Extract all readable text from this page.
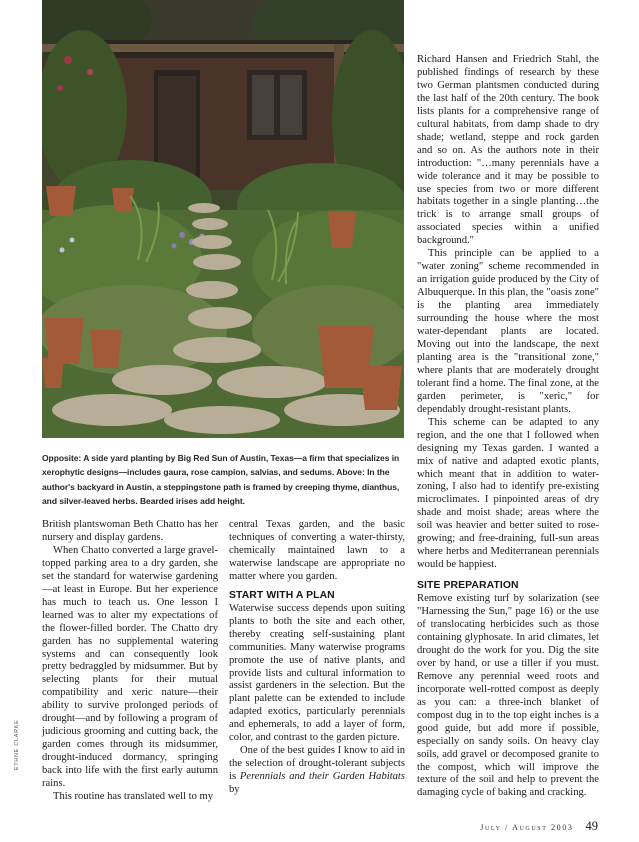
Opposite: A side yard planting by Big Red Sun of Austin, Texas—a firm that specializes in xerophytic designs—includes gaura, rose campion, salvias, and sedums. Above: In the author's backyard in Austin, a steppingstone path is framed by creeping thyme, dianthus, and silver-leaved herbs. Bearded irises add height.
ETHNE CLARKE

British plantswoman Beth Chatto has her nursery and display gardens.

When Chatto converted a large gravel-topped parking area to a dry garden, she set the standard for waterwise gardening—at least in Europe. But her experience has much to teach us. One lesson I learned was to alter my expectations of the flower-filled border. The Chatto dry garden has no supplemental watering systems and can consequently look pretty bedraggled by midsummer. But by selecting plants for their mutual compatibility and xeric nature—their ability to survive prolonged periods of drought—and by following a program of judicious grooming and cutting back, the garden comes through its midsummer, drought-induced dormancy, springing back into life with the first early autumn rains.

This routine has translated well to my

central Texas garden, and the basic techniques of converting a water-thirsty, chemically maintained lawn to a waterwise landscape are appropriate no matter where you garden.

START WITH A PLAN

Waterwise success depends upon suiting plants to both the site and each other, thereby creating self-sustaining plant communities. Many waterwise programs promote the use of native plants, and provide lists and cultural information to assist gardeners in the selection. But the plant palette can be extended to include adapted exotics, particularly perennials and ephemerals, to add a layer of form, color, and contrast to the garden picture.

One of the best guides I know to aid in the selection of drought-tolerant subjects is Perennials and their Garden Habitats by

Richard Hansen and Friedrich Stahl, the published findings of research by these two German plantsmen conducted during the last half of the 20th century. The book lists plants for a comprehensive range of cultural habitats, from damp shade to dry shade; wetland, steppe and rock garden and so on. As the authors note in their introduction: "…many perennials have a wide tolerance and it may be possible to use species from two or more different habitats together in a single planting…the trick is to arrange small groups of associated species within a unified background."

This principle can be applied to a "water zoning" scheme recommended in an irrigation guide produced by the City of Albuquerque. In this plan, the "oasis zone" is the planting area immediately surrounding the house where the most water-dependant plants are located. Moving out into the landscape, the next planting area is the "transitional zone," where plants that are moderately drought tolerant find a home. The final zone, at the garden perimeter, is "xeric," for dependably drought-resistant plants.

This scheme can be adapted to any region, and the one that I followed when designing my Texas garden. I wanted a mix of native and adapted exotic plants, which meant that in addition to water-zoning, I also had to identify pre-existing microclimates. I pinpointed areas of dry shade and moist shade; areas where the soil was heavier and better suited to rose-growing; and free-draining, full-sun areas where herbs and Mediterranean perennials would be happiest.

SITE PREPARATION

Remove existing turf by solarization (see "Harnessing the Sun," page 16) or the use of translocating herbicides such as those containing glyphosate. In arid climates, let drought do the work for you. Dig the site over by hand, or use a tiller if you must. Remove any perennial weed roots and incorporate well-rotted compost as deeply as you can: a three-inch blanket of compost dug in to the top eight inches is a good guide, but add more if possible, especially on sandy soils. On heavy clay soils, add gravel or decomposed granite to the compost, which will improve the texture of the soil and help to prevent the damaging cycle of baking and cracking.

July / August 2003 49
